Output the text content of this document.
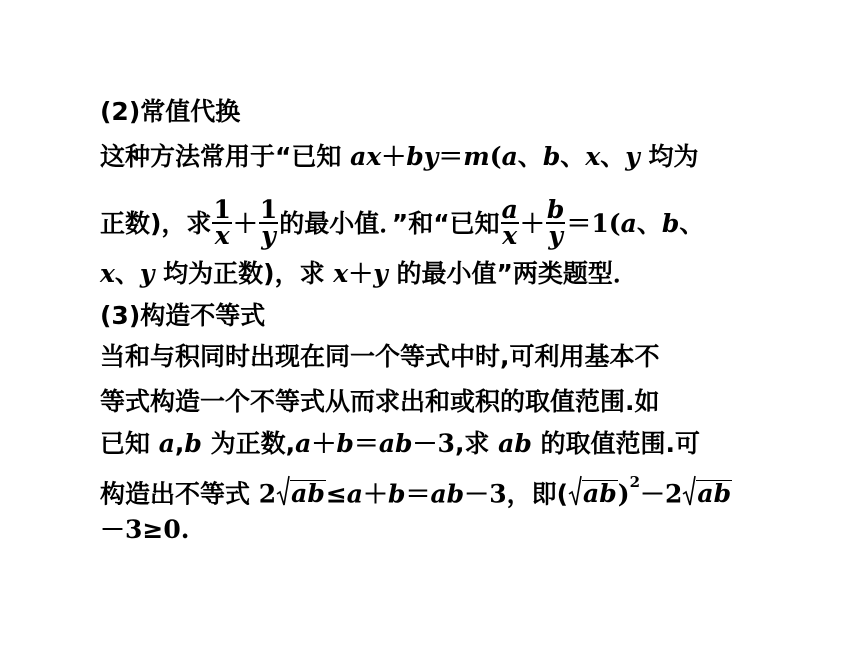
(2)常值代换
这种方法常用于“已知 ax＋by＝m(a、b、x、y 均为
正数)，求 $\frac{1}{x} + \frac{1}{y}$ 的最小值．”和“已知 $\frac{a}{x} + \frac{b}{y} =1(a$、b、
x、y 均为正数)，求 x＋y 的最小值”两类题型．
(3)构造不等式
当和与积同时出现在同一个等式中时,可利用基本不
等式构造一个不等式从而求出和或积的取值范围.如
已知 a,b 为正数,a＋b＝ab－3,求 ab 的取值范围.可
构造出不等式 2 ab≤a＋b＝ab－3，即( ab)$^2$－2 ab
－3≥0.
